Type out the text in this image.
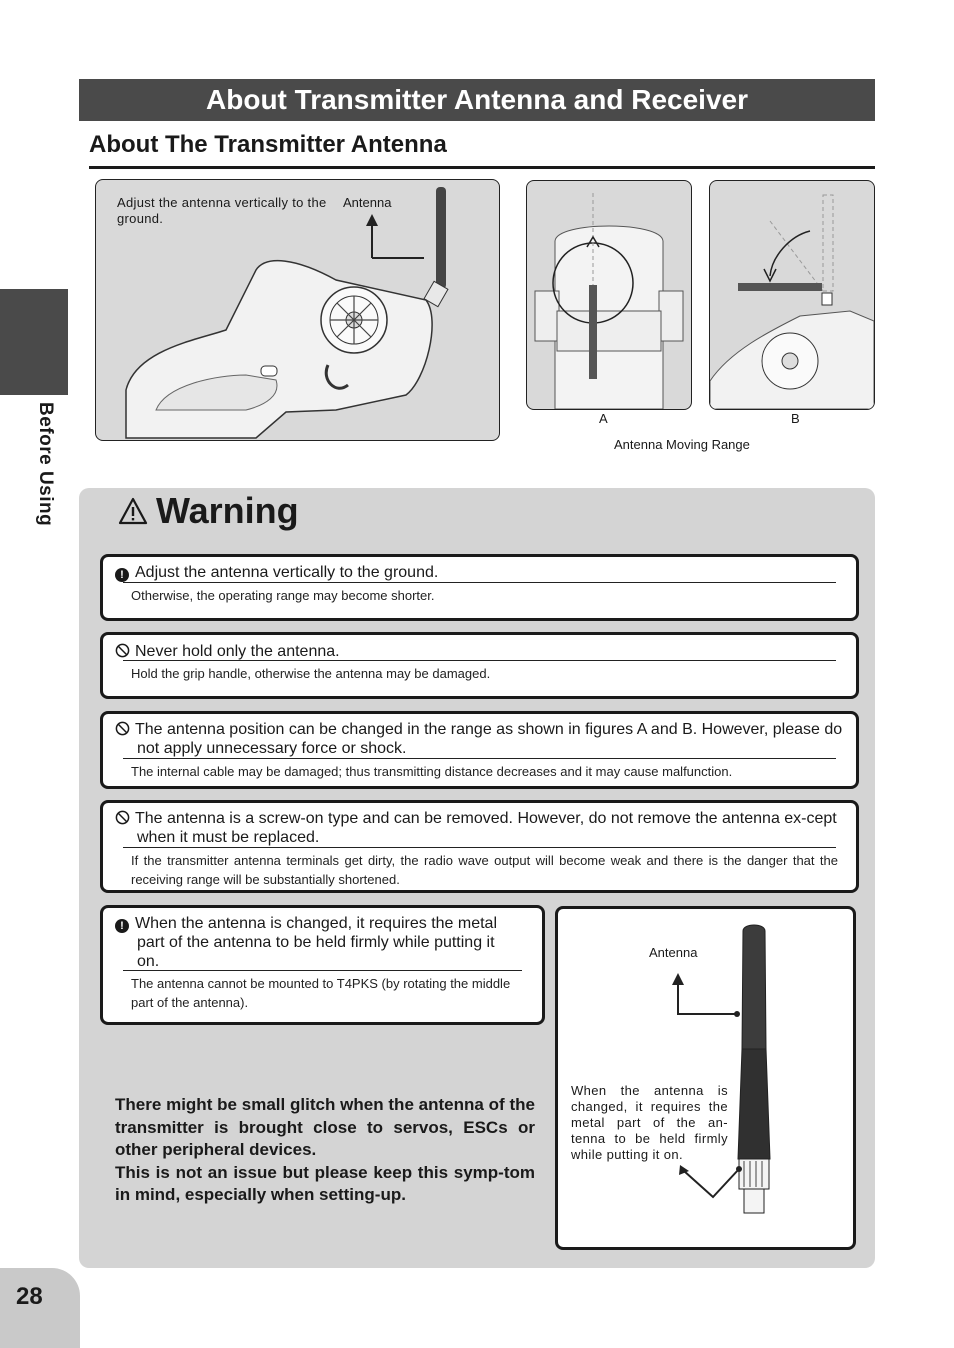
About Transmitter Antenna and Receiver
About The Transmitter Antenna
Before Using
Adjust the antenna vertically to the ground.
Antenna
A	B
Antenna Moving Range
Warning
! Adjust the antenna vertically to the ground.
Otherwise, the operating range may become shorter.
Never hold only the antenna.
Hold the grip handle, otherwise the antenna may be damaged.
The antenna position can be changed in the range as shown in figures A and B. However, please do not apply unnecessary force or shock.
The internal cable may be damaged; thus transmitting distance decreases and it may cause malfunction.
The antenna is a screw-on type and can be removed. However, do not remove the antenna ex-cept when it must be replaced.
If the transmitter antenna terminals get dirty, the radio wave output will become weak and there is the danger that the receiving range will be substantially shortened.
! When the antenna is changed, it requires the metal part of the antenna to be held firmly while putting it on.
The antenna cannot be mounted to T4PKS (by rotating the middle part of the antenna).
There might be small glitch when the antenna of the transmitter is brought close to servos, ESCs or other peripheral devices.
This is not an issue but please keep this symp-tom in mind, especially when setting-up.
Antenna
When the antenna is changed, it requires the metal part of the an-tenna to be held firmly while putting it on.
28
